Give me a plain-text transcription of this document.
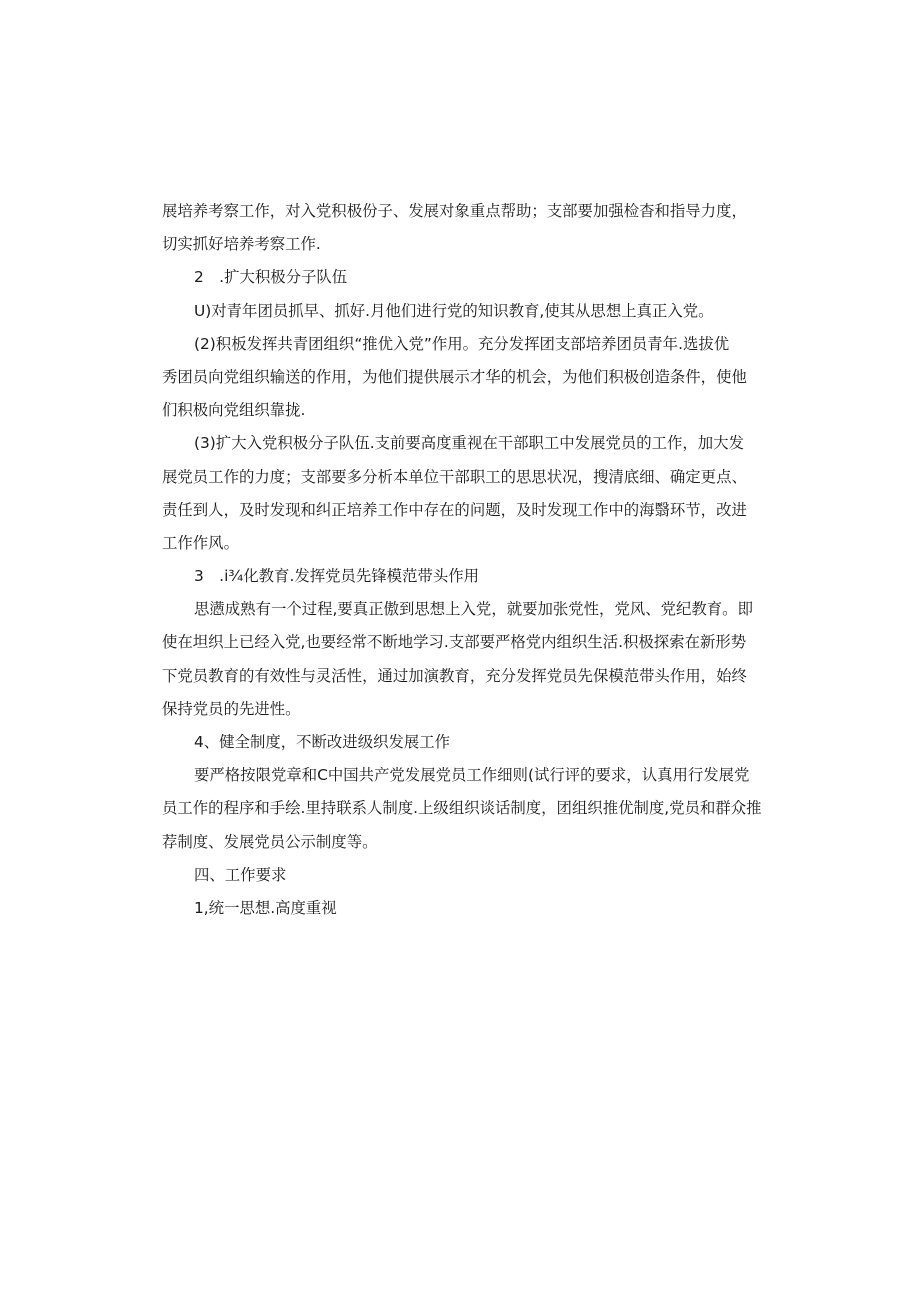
展培养考察工作，对入党积极份子、发展对象重点帮助；支部要加强检杳和指导力度，
切实抓好培养考察工作.
2　.扩大积极分子队伍
U)对青年团员抓早、抓好.月他们进行党的知识教育,使其从思想上真正入党。
(2)积板发挥共青团组织“推优入党”作用。充分发挥团支部培养团员青年.选拔优
秀团员向党组织输送的作用，为他们提供展示才华的机会，为他们积极创造条件，使他
们积极向党组织靠拢.
(3)扩大入党积极分子队伍.支前要高度重视在干部职工中发展党员的工作，加大发
展党员工作的力度；支部要多分析本单位干部职工的思思状况，搜清底细、确定更点、
责任到人，及时发现和纠正培养工作中存在的问题，及时发现工作中的海翳环节，改进
工作作风。
3　.i¾化教育.发挥党员先锋模范带头作用
思懑成熟有一个过程,要真正傲到思想上入党，就要加张党性，党风、党纪教育。即
使在坦织上已经入党,也要经常不断地学习.支部要严格党内组织生活.积极探索在新形势
下党员教育的有效性与灵活性，通过加演教育，充分发挥党员先保模范带头作用，始终
保持党员的先进性。
4、健全制度，不断改进级织发展工作
要严格按限党章和C中国共产党发展党员工作细则(试行评的要求，认真用行发展党
员工作的程序和手绘.里持联系人制度.上级组织谈话制度，团组织推优制度,党员和群众推
荐制度、发展党员公示制度等。
四、工作要求
1,统一思想.高度重视
